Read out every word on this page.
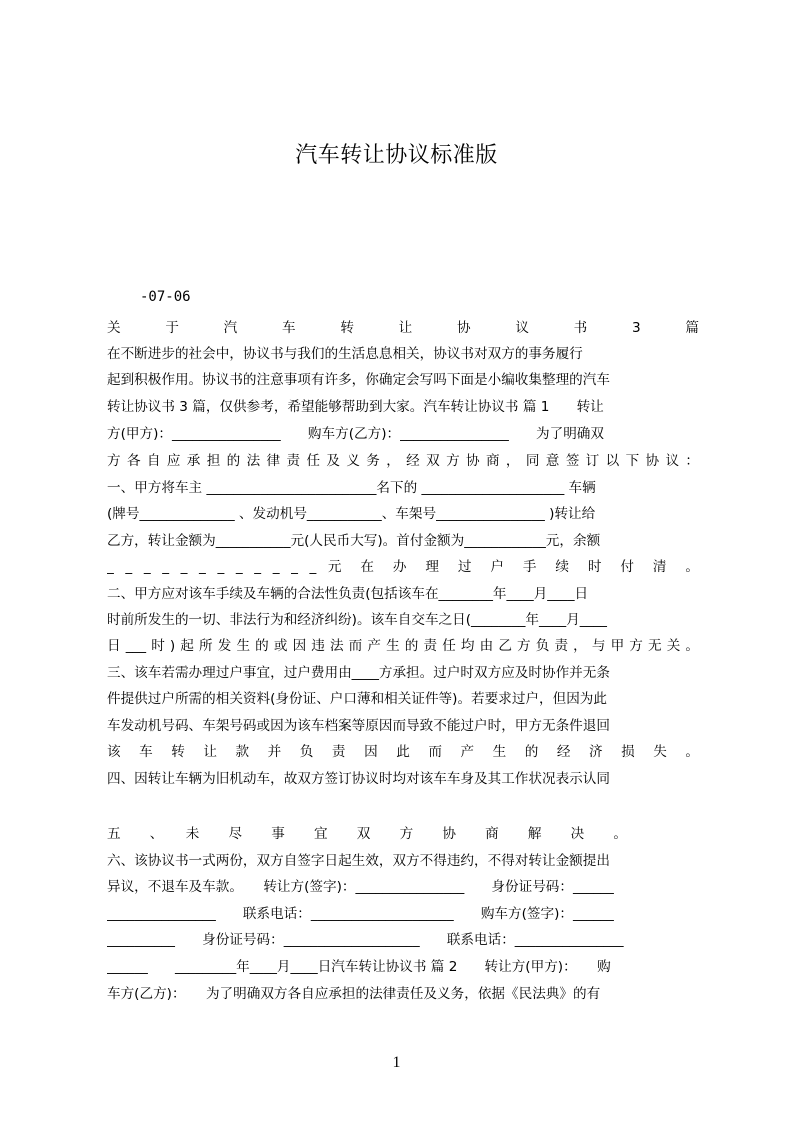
汽车转让协议标准版
-07-06
关　　于　　汽　　车　　转　　让　　协　　议　　书　　3　　篇
在不断进步的社会中，协议书与我们的生活息息相关，协议书对双方的事务履行
起到积极作用。协议书的注意事项有许多，你确定会写吗下面是小编收集整理的汽车
转让协议书 3 篇，仅供参考，希望能够帮助到大家。汽车转让协议书 篇 1　　转让
方(甲方)：________________　　购车方(乙方)：________________　　为了明确双
方各自应承担的法律责任及义务，经双方协商，同意签订以下协议：
一、甲方将车主 _________________________名下的 _____________________ 车辆
(牌号______________ 、发动机号___________、车架号________________ )转让给
乙方，转让金额为___________元(人民币大写)。首付金额为____________元，余额
_ _ _ _ _ _ _ _ _ _ _ _ 元 在 办 理 过 户 手 续 时 付 清 。
二、甲方应对该车手续及车辆的合法性负责(包括该车在________年____月____日
时前所发生的一切、非法行为和经济纠纷)。该车自交车之日(________年____月____
日___时)起所发生的或因违法而产生的责任均由乙方负责，与甲方无关。
三、该车若需办理过户事宜，过户费用由____方承担。过户时双方应及时协作并无条
件提供过户所需的相关资料(身份证、户口薄和相关证件等)。若要求过户，但因为此
车发动机号码、车架号码或因为该车档案等原因而导致不能过户时，甲方无条件退回
该车转让款并负责因此而产生的经济损失。
四、因转让车辆为旧机动车，故双方签订协议时均对该车车身及其工作状况表示认同
五　、　未　尽　事　宜　双　方　协　商　解　决　。
六、该协议书一式两份，双方自签字日起生效，双方不得违约，不得对转让金额提出
异议，不退车及车款。　　转让方(签字)：________________　　身份证号码：______
________________　　联系电话：_____________________　　购车方(签字)：______
__________　　身份证号码：____________________　　联系电话：________________
______　　_________年____月____日汽车转让协议书 篇 2　　转让方(甲方)：　　购
车方(乙方)：　　为了明确双方各自应承担的法律责任及义务，依据《民法典》的有
1
